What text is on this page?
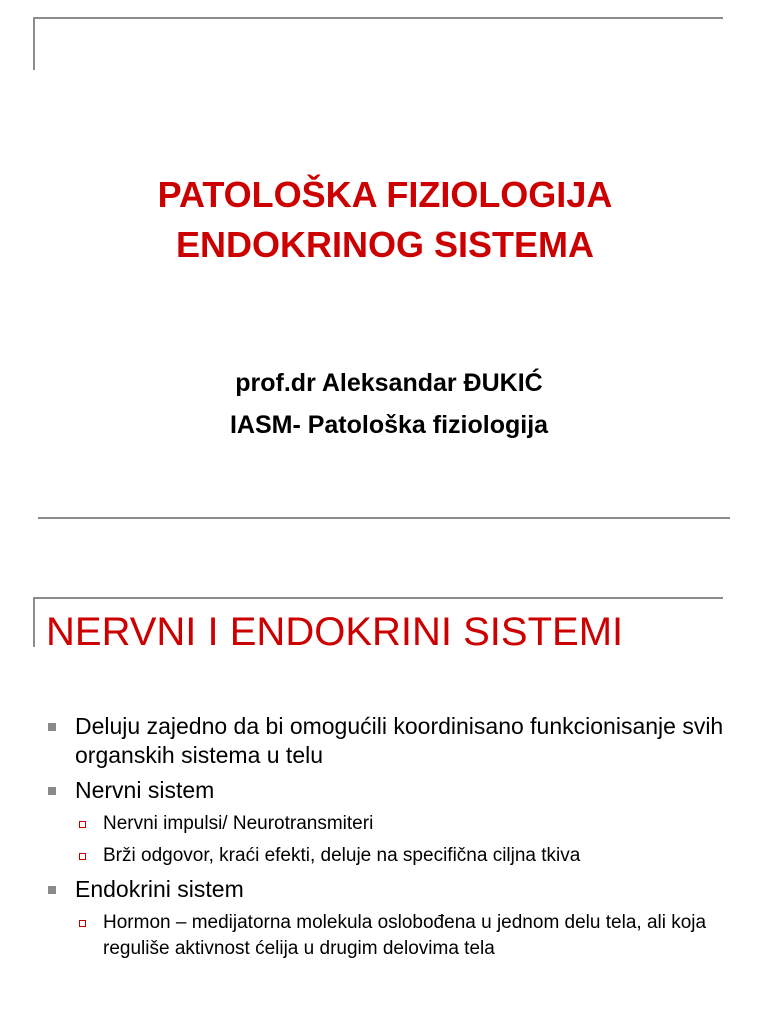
PATOLOŠKA FIZIOLOGIJA
ENDOKRINOG SISTEMA
prof.dr Aleksandar ĐUKIĆ
IASM- Patološka fiziologija
NERVNI I ENDOKRINI SISTEMI
Deluju zajedno da bi omogućili koordinisano funkcionisanje svih organskih sistema u telu
Nervni sistem
Nervni impulsi/ Neurotransmiteri
Brži odgovor, kraći efekti, deluje na specifična ciljna tkiva
Endokrini sistem
Hormon – medijatorna molekula oslobođena u jednom delu tela, ali koja reguliše aktivnost ćelija u drugim delovima tela
